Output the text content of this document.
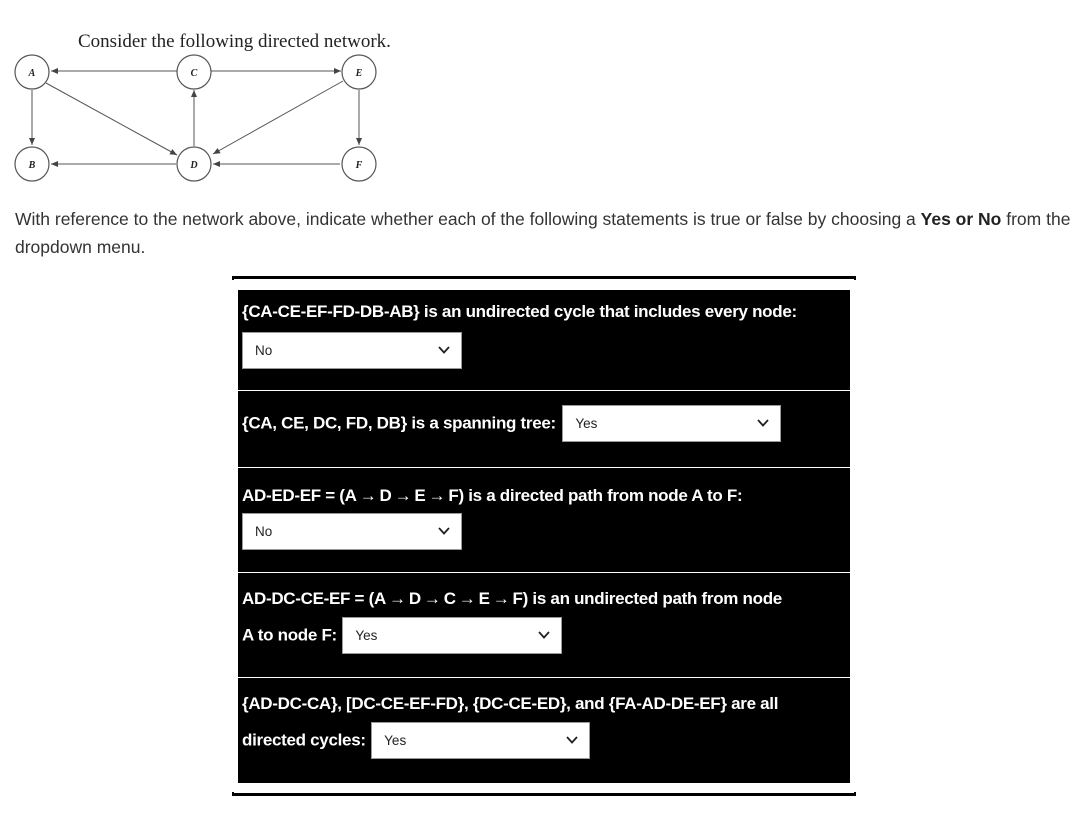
Consider the following directed network.
A	C	E
B	D	F

With reference to the network above, indicate whether each of the following statements is true or false by choosing a Yes or No from the dropdown menu.

{CA-CE-EF-FD-DB-AB} is an undirected cycle that includes every node:
No
{CA, CE, DC, FD, DB} is a spanning tree: Yes
AD-ED-EF = (A → D → E → F) is a directed path from node A to F:
No
AD-DC-CE-EF = (A → D → C → E → F) is an undirected path from node
A to node F: Yes
{AD-DC-CA}, [DC-CE-EF-FD}, {DC-CE-ED}, and {FA-AD-DE-EF} are all
directed cycles: Yes
